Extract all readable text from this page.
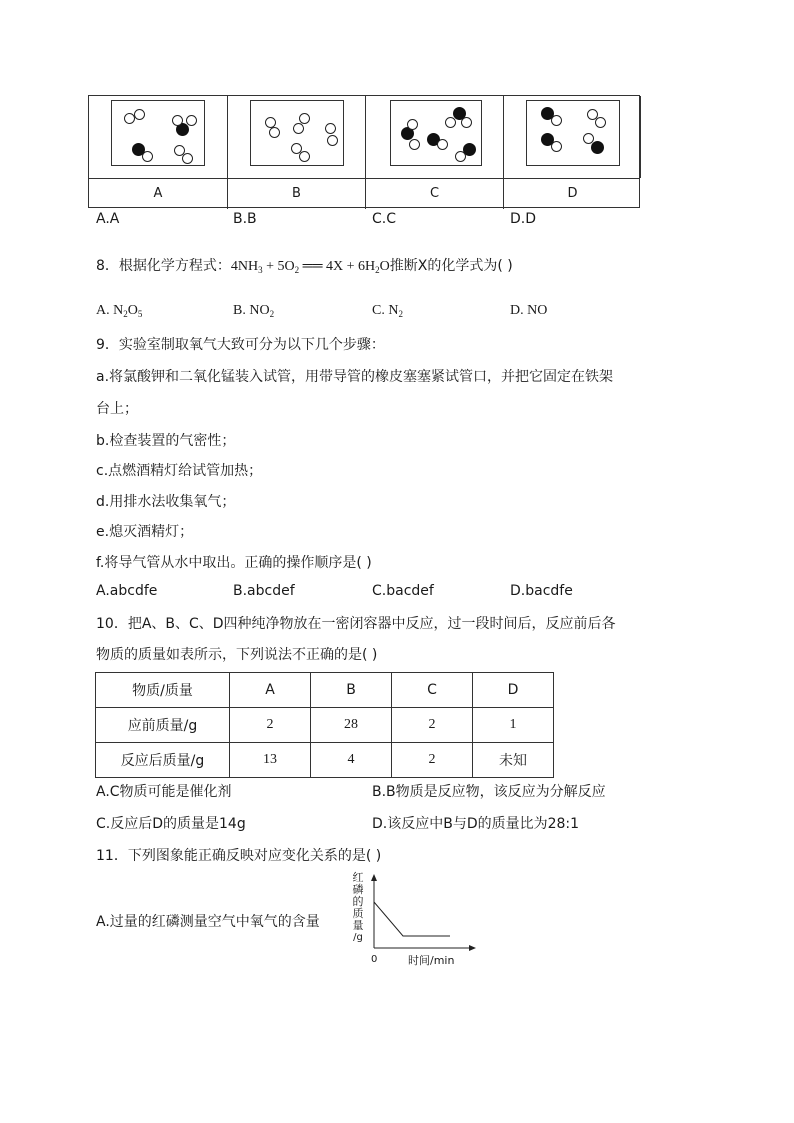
A	B	C	D
A.A	B.B	C.C	D.D
8．根据化学方程式：$4NH_3 + 5O_2$ ══ $4X + 6H_2O$推断X的化学式为( )
A. $N_2O_5$	B. $NO_2$	C. $N_2$	D. NO
9．实验室制取氧气大致可分为以下几个步骤：
a.将氯酸钾和二氧化锰装入试管，用带导管的橡皮塞塞紧试管口，并把它固定在铁架
台上；
b.检查装置的气密性；
c.点燃酒精灯给试管加热；
d.用排水法收集氧气；
e.熄灭酒精灯；
f.将导气管从水中取出。正确的操作顺序是( )
A.abcdfe	B.abcdef	C.bacdef	D.bacdfe
10．把A、B、C、D四种纯净物放在一密闭容器中反应，过一段时间后，反应前后各
物质的质量如表所示，下列说法不正确的是( )
物质/质量	A	B	C	D
应前质量/g	2	28	2	1
反应后质量/g	13	4	2	未知
A.C物质可能是催化剂	B.B物质是反应物，该反应为分解反应
C.反应后D的质量是14g	D.该反应中B与D的质量比为28:1
11．下列图象能正确反映对应变化关系的是( )
A.过量的红磷测量空气中氧气的含量
红
磷
的
质
量
/g
0	时间/min
